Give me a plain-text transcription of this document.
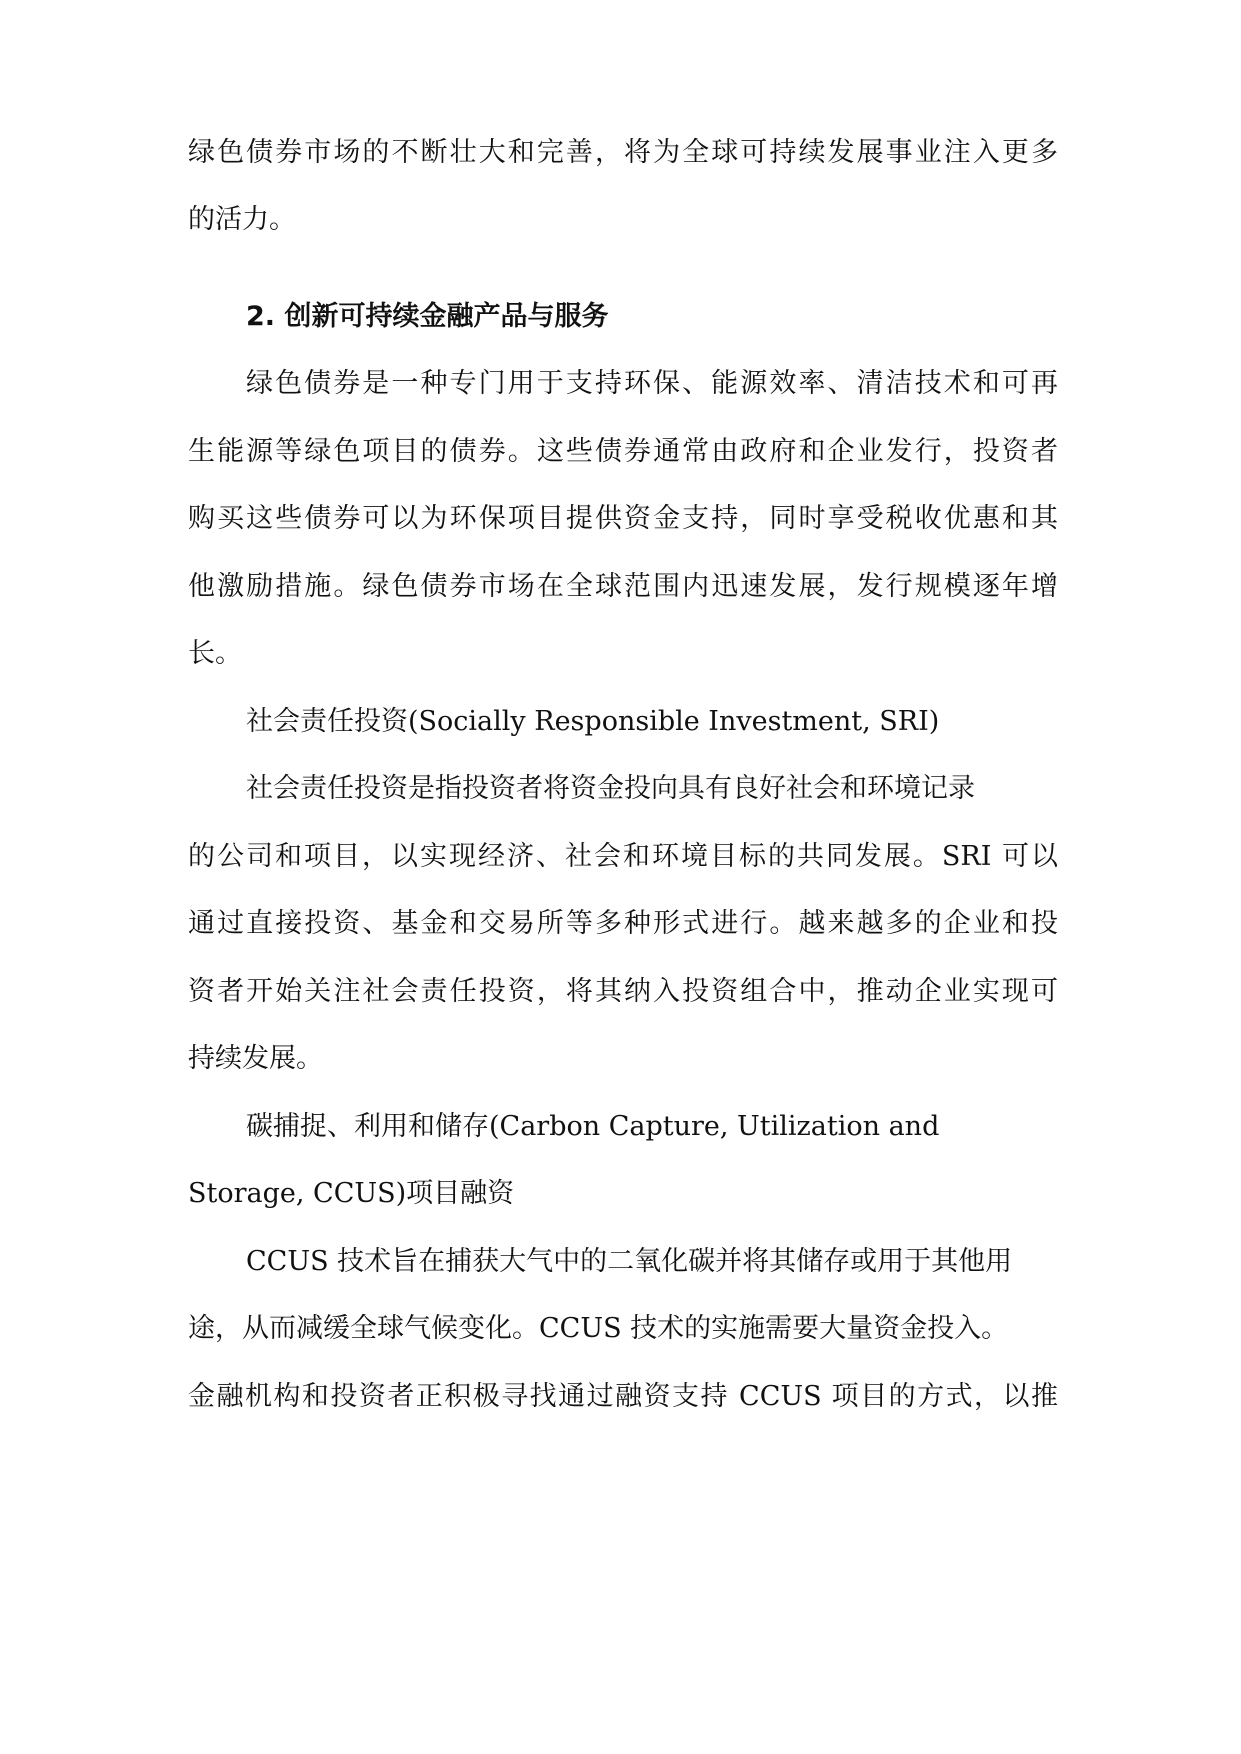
绿色债券市场的不断壮大和完善，将为全球可持续发展事业注入更多
的活力。
2. 创新可持续金融产品与服务
绿色债券是一种专门用于支持环保、能源效率、清洁技术和可再
生能源等绿色项目的债券。这些债券通常由政府和企业发行，投资者
购买这些债券可以为环保项目提供资金支持，同时享受税收优惠和其
他激励措施。绿色债券市场在全球范围内迅速发展，发行规模逐年增
长。
社会责任投资(Socially Responsible Investment, SRI)
社会责任投资是指投资者将资金投向具有良好社会和环境记录
的公司和项目，以实现经济、社会和环境目标的共同发展。SRI 可以
通过直接投资、基金和交易所等多种形式进行。越来越多的企业和投
资者开始关注社会责任投资，将其纳入投资组合中，推动企业实现可
持续发展。
碳捕捉、利用和储存(Carbon Capture, Utilization and
Storage, CCUS)项目融资
CCUS 技术旨在捕获大气中的二氧化碳并将其储存或用于其他用
途，从而减缓全球气候变化。CCUS 技术的实施需要大量资金投入。
金融机构和投资者正积极寻找通过融资支持 CCUS 项目的方式，以推
